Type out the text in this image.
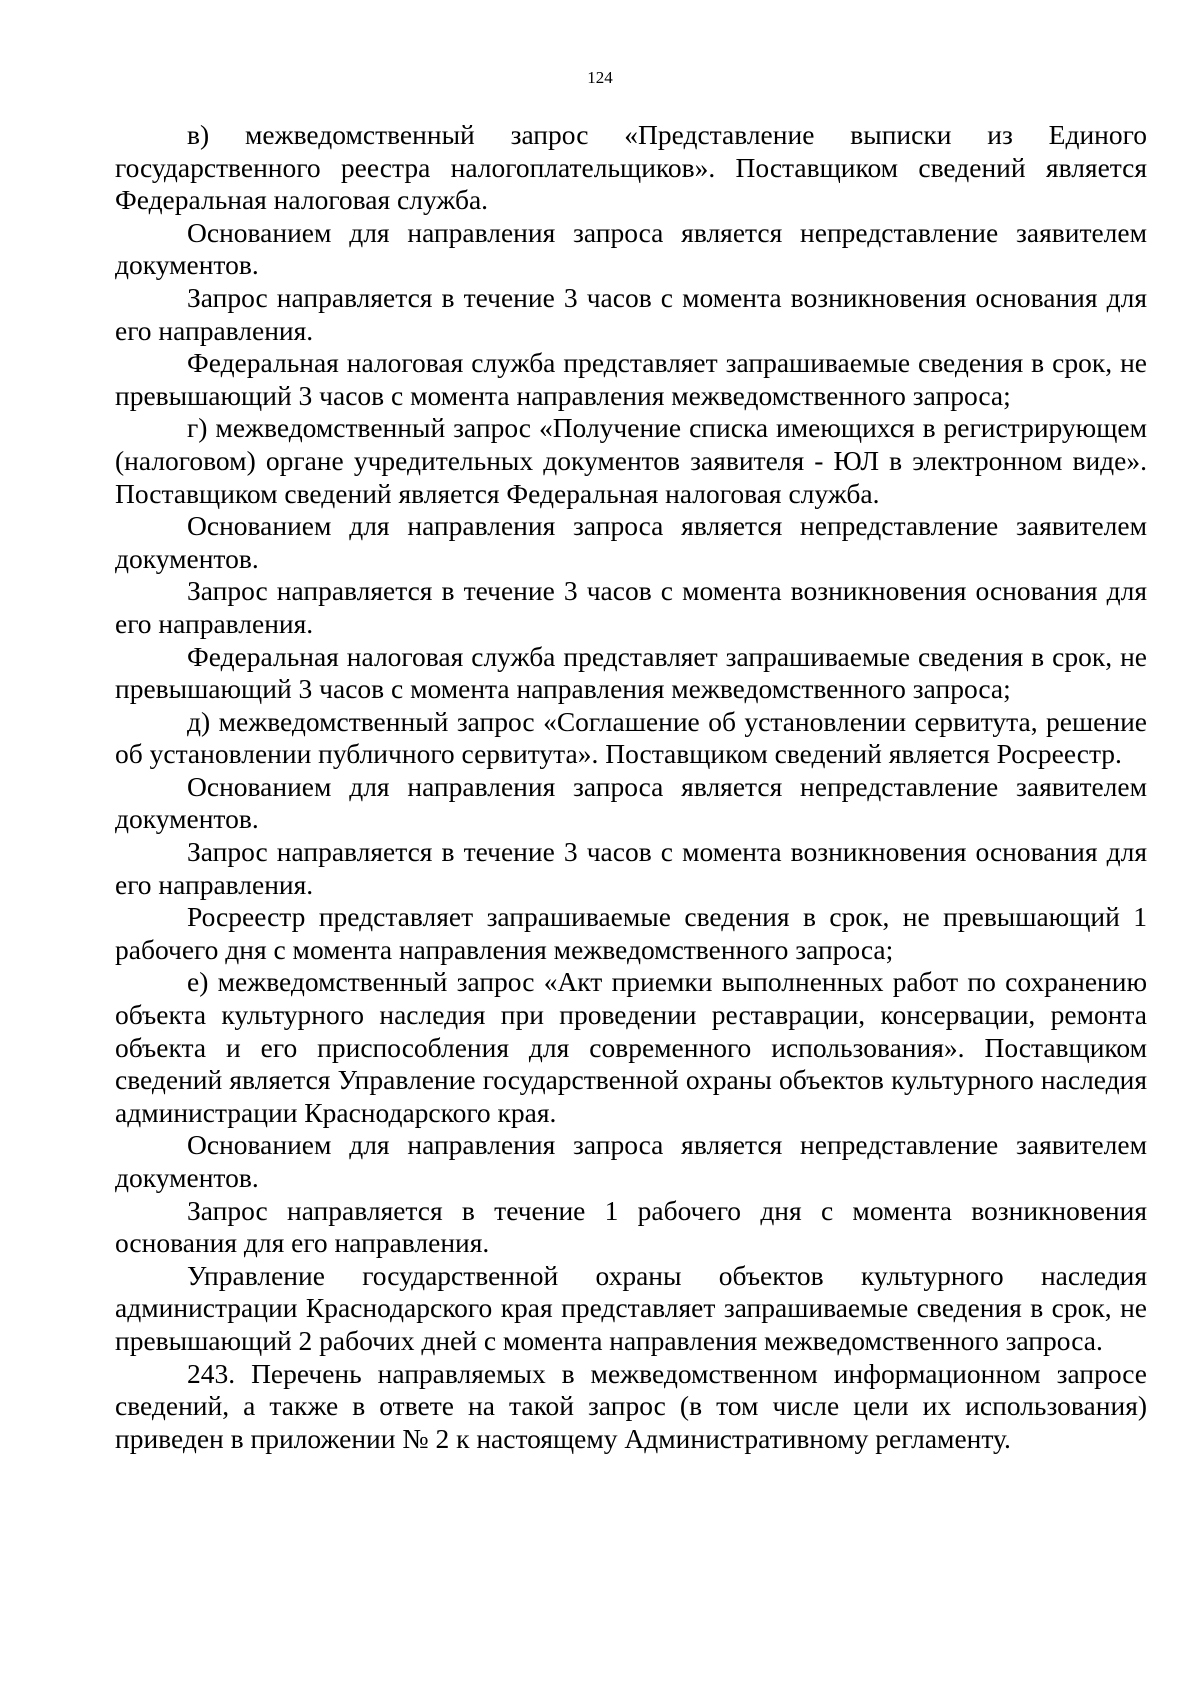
124

в) межведомственный запрос «Представление выписки из Единого государственного реестра налогоплательщиков». Поставщиком сведений является Федеральная налоговая служба.

Основанием для направления запроса является непредставление заявителем документов.

Запрос направляется в течение 3 часов с момента возникновения основания для его направления.

Федеральная налоговая служба представляет запрашиваемые сведения в срок, не превышающий 3 часов с момента направления межведомственного запроса;

г) межведомственный запрос «Получение списка имеющихся в регистрирующем (налоговом) органе учредительных документов заявителя - ЮЛ в электронном виде». Поставщиком сведений является Федеральная налоговая служба.

Основанием для направления запроса является непредставление заявителем документов.

Запрос направляется в течение 3 часов с момента возникновения основания для его направления.

Федеральная налоговая служба представляет запрашиваемые сведения в срок, не превышающий 3 часов с момента направления межведомственного запроса;

д) межведомственный запрос «Соглашение об установлении сервитута, решение об установлении публичного сервитута». Поставщиком сведений является Росреестр.

Основанием для направления запроса является непредставление заявителем документов.

Запрос направляется в течение 3 часов с момента возникновения основания для его направления.

Росреестр представляет запрашиваемые сведения в срок, не превышающий 1 рабочего дня с момента направления межведомственного запроса;

е) межведомственный запрос «Акт приемки выполненных работ по сохранению объекта культурного наследия при проведении реставрации, консервации, ремонта объекта и его приспособления для современного использования». Поставщиком сведений является Управление государственной охраны объектов культурного наследия администрации Краснодарского края.

Основанием для направления запроса является непредставление заявителем документов.

Запрос направляется в течение 1 рабочего дня с момента возникновения основания для его направления.

Управление государственной охраны объектов культурного наследия администрации Краснодарского края представляет запрашиваемые сведения в срок, не превышающий 2 рабочих дней с момента направления межведомственного запроса.

243. Перечень направляемых в межведомственном информационном запросе сведений, а также в ответе на такой запрос (в том числе цели их использования) приведен в приложении № 2 к настоящему Административному регламенту.
